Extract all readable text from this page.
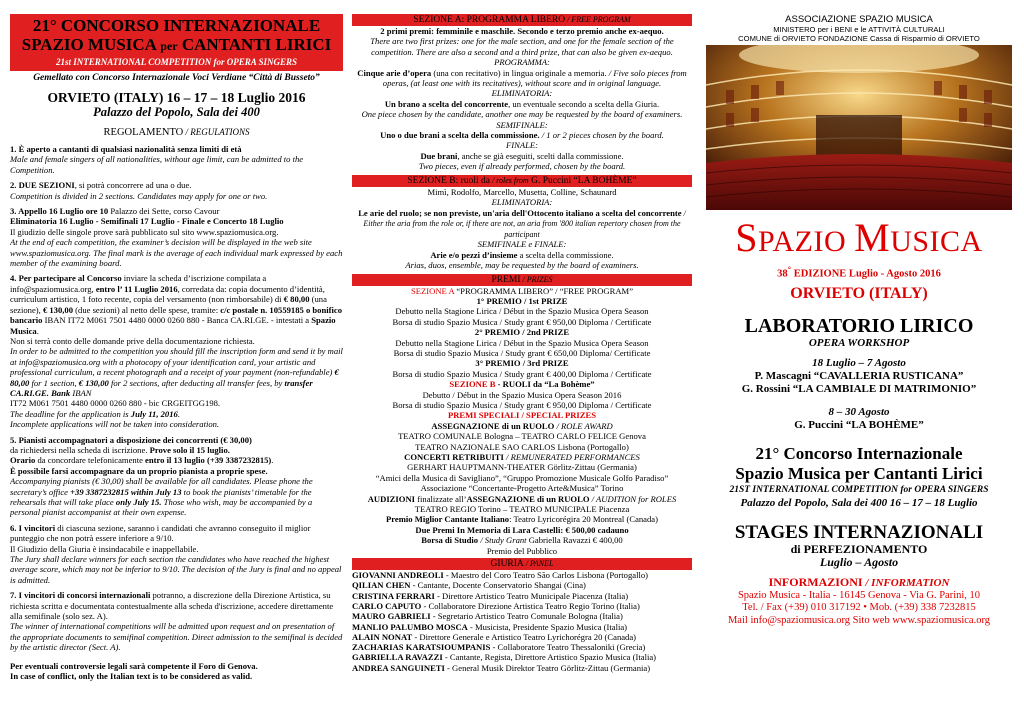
21° CONCORSO INTERNAZIONALE
SPAZIO MUSICA per CANTANTI LIRICI
21st INTERNATIONAL COMPETITION for OPERA SINGERS
Gemellato con Concorso Internazionale Voci Verdiane “Città di Busseto”
ORVIETO (ITALY) 16 – 17 – 18 Luglio 2016
Palazzo del Popolo, Sala dei 400
REGOLAMENTO / REGULATIONS
1. È aperto a cantanti di qualsiasi nazionalità senza limiti di età
Male and female singers of all nationalities, without age limit, can be admitted to the Competition.
2. DUE SEZIONI, si potrà concorrere ad una o due.
Competition is divided in 2 sections. Candidates may apply for one or two.
3. Appello 16 Luglio ore 10 Palazzo dei Sette, corso Cavour
Eliminatoria 16 Luglio - Semifinali 17 Luglio - Finale e Concerto 18 Luglio
Il giudizio delle singole prove sarà pubblicato sul sito www.spaziomusica.org.
At the end of each competition, the examiner’s decision will be displayed in the web site www.spaziomusica.org. The final mark is the average of each individual mark expressed by each member of the examining board.
4. Per partecipare al Concorso inviare la scheda d’iscrizione compilata a info@spaziomusica.org, entro l’ 11 Luglio 2016, corredata da: copia documento d’identità, curriculum artistico, 1 foto recente, copia del versamento (non rimborsabile) di € 80,00 (una sezione), € 130,00 (due sezioni) al netto delle spese, tramite: c/c postale n. 10559185 o bonifico bancario IBAN IT72 M061 7501 4480 0000 0260 880 - Banca CA.RI.GE. - intestati a Spazio Musica.
Non si terrà conto delle domande prive della documentazione richiesta.
In order to be admitted to the competition you should fill the inscription form and send it by mail at info@spaziomusica.org with a photocopy of your identification card, your artistic and professional curriculum, a recent photograph and a receipt of your payment (non-refundable) € 80,00 for 1 section, € 130,00 for 2 sections, after deducting all transfer fees, by transfer CA.RI.GE. Bank IBAN
IT72 M061 7501 4480 0000 0260 880 - bic CRGEITGG198.
The deadline for the application is July 11, 2016.
Incomplete applications will not be taken into consideration.
5. Pianisti accompagnatori a disposizione dei concorrenti (€ 30,00)
da richiedersi nella scheda di iscrizione. Prove solo il 15 luglio.
Orario da concordare telefonicamente entro il 13 luglio (+39 3387232815).
È possibile farsi accompagnare da un proprio pianista a proprie spese.
Accompanying pianists (€ 30,00) shall be available for all candidates. Please phone the secretary’s office +39 3387232815 within July 13 to book the pianists’ timetable for the rehearsals that will take place only July 15. Those who wish, may be accompanied by a personal pianist accompanist at their own expense.
6. I vincitori di ciascuna sezione, saranno i candidati che avranno conseguito il miglior punteggio che non potrà essere inferiore a 9/10.
Il Giudizio della Giuria è insindacabile e inappellabile.
The Jury shall declare winners for each section the candidates who have reached the highest average score, which may not be inferior to 9/10. The decision of the Jury is final and no appeal is admitted.
7. I vincitori di concorsi internazionali potranno, a discrezione della Direzione Artistica, su richiesta scritta e documentata contestualmente alla scheda d'iscrizione, accedere direttamente alla semifinale (solo sez. A).
The winner of international competitions will be admitted upon request and on presentation of the appropriate documents to semifinal competition. Direct admission to the semifinal is decided by the artistic director (Sect. A).
Per eventuali controversie legali sarà competente il Foro di Genova.
In case of conflict, only the Italian text is to be considered as valid.
SEZIONE A: PROGRAMMA LIBERO / FREE PROGRAM
2 primi premi: femminile e maschile. Secondo e terzo premio anche ex-aequo.
There are two first prizes: one for the male section, and one for the female section of the competition. There are also a second and a third prize, that can also be given ex-aequo.
PROGRAMMA:
Cinque arie d’opera (una con recitativo) in lingua originale a memoria. / Five solo pieces from operas, (at least one with its recitatives), without score and in original language.
ELIMINATORIA:
Un brano a scelta del concorrente, un eventuale secondo a scelta della Giuria.
One piece chosen by the candidate, another one may be requested by the board of examiners.
SEMIFINALE:
Uno o due brani a scelta della commissione. / 1 or 2 pieces chosen by the board.
FINALE:
Due brani, anche se già eseguiti, scelti dalla commissione.
Two pieces, even if already performed, chosen by the board.
SEZIONE B: ruoli da / roles from G. Puccini “LA BOHÈME”
Mimì, Rodolfo, Marcello, Musetta, Colline, Schaunard
ELIMINATORIA:
Le arie del ruolo; se non previste, un'aria dell'Ottocento italiano a scelta del concorrente / Either the aria from the role or, if there are not, an aria from '800 italian repertory chosen from the participant
SEMIFINALE e FINALE:
Arie e/o pezzi d’insieme a scelta della commissione.
Arias, duos, ensemble, may be requested by the board of examiners.
PREMI / PRIZES
SEZIONE A “PROGRAMMA LIBERO” / “FREE PROGRAM”
1° PREMIO / 1st PRIZE
Debutto nella Stagione Lirica / Début in the Spazio Musica Opera Season
Borsa di studio Spazio Musica / Study grant € 950,00 Diploma / Certificate
2° PREMIO / 2nd PRIZE
Debutto nella Stagione Lirica / Début in the Spazio Musica Opera Season
Borsa di studio Spazio Musica / Study grant € 650,00 Diploma/ Certificate
3° PREMIO / 3rd PRIZE
Borsa di studio Spazio Musica / Study grant € 400,00 Diploma / Certificate
SEZIONE B - RUOLI da “La Bohème”
Debutto / Début in the Spazio Musica Opera Season 2016
Borsa di studio Spazio Musica / Study grant € 950,00 Diploma / Certificate
PREMI SPECIALI / SPECIAL PRIZES
ASSEGNAZIONE di un RUOLO / ROLE AWARD
TEATRO COMUNALE Bologna – TEATRO CARLO FELICE Genova
TEATRO NAZIONALE SAO CARLOS Lisbona (Portogallo)
CONCERTI RETRIBUITI / REMUNERATED PERFORMANCES
GERHART HAUPTMANN-THEATER Görlitz-Zittau (Germania)
“Amici della Musica di Savigliano”, “Gruppo Promozione Musicale Golfo Paradiso”
Associazione “Concertante-Progetto Arte&Musica” Torino
AUDIZIONI finalizzate all’ASSEGNAZIONE di un RUOLO / AUDITION for ROLES
TEATRO REGIO Torino – TEATRO MUNICIPALE Piacenza
Premio Miglior Cantante Italiano: Teatro Lyricorégira 20 Montreal (Canada)
Due Premi In Memoria di Lara Castelli: € 500,00 cadauno
Borsa di Studio / Study Grant Gabriella Ravazzi € 400,00
Premio del Pubblico
GIURIA / PANEL
GIOVANNI ANDREOLI - Maestro del Coro Teatro São Carlos Lisbona (Portogallo)
QILIAN CHEN - Cantante, Docente Conservatorio Shangai (Cina)
CRISTINA FERRARI - Direttore Artistico Teatro Municipale Piacenza (Italia)
CARLO CAPUTO - Collaboratore Direzione Artistica Teatro Regio Torino (Italia)
MAURO GABRIELI - Segretario Artistico Teatro Comunale Bologna (Italia)
MANLIO PALUMBO MOSCA - Musicista, Presidente Spazio Musica (Italia)
ALAIN NONAT - Direttore Generale e Artistico Teatro Lyrichorégra 20 (Canada)
ZACHARIAS KARATSIOUMPANIS - Collaboratore Teatro Thessaloniki (Grecia)
GABRIELLA RAVAZZI - Cantante, Regista, Direttore Artistico Spazio Musica (Italia)
ANDREA SANGUINETI - General Musik Direktor Teatro Görlitz-Zittau (Germania)
ASSOCIAZIONE SPAZIO MUSICA
MINISTERO per i BENI e le ATTIVITÀ CULTURALI
COMUNE di ORVIETO FONDAZIONE Cassa di Risparmio di ORVIETO
SPAZIO MUSICA
38° EDIZIONE Luglio - Agosto 2016
ORVIETO (ITALY)
LABORATORIO LIRICO
OPERA WORKSHOP
18 Luglio – 7 Agosto
P. Mascagni “CAVALLERIA RUSTICANA”
G. Rossini “LA CAMBIALE DI MATRIMONIO”
8 – 30 Agosto
G. Puccini “LA BOHÈME”
21° Concorso Internazionale
Spazio Musica per Cantanti Lirici
21ST INTERNATIONAL COMPETITION for OPERA SINGERS
Palazzo del Popolo, Sala dei 400 16 – 17 – 18 Luglio
STAGES INTERNAZIONALI
di PERFEZIONAMENTO
Luglio – Agosto
INFORMAZIONI / INFORMATION
Spazio Musica - Italia - 16145 Genova - Via G. Parini, 10
Tel. / Fax (+39) 010 317192 • Mob. (+39) 338 7232815
Mail info@spaziomusica.org Sito web www.spaziomusica.org
